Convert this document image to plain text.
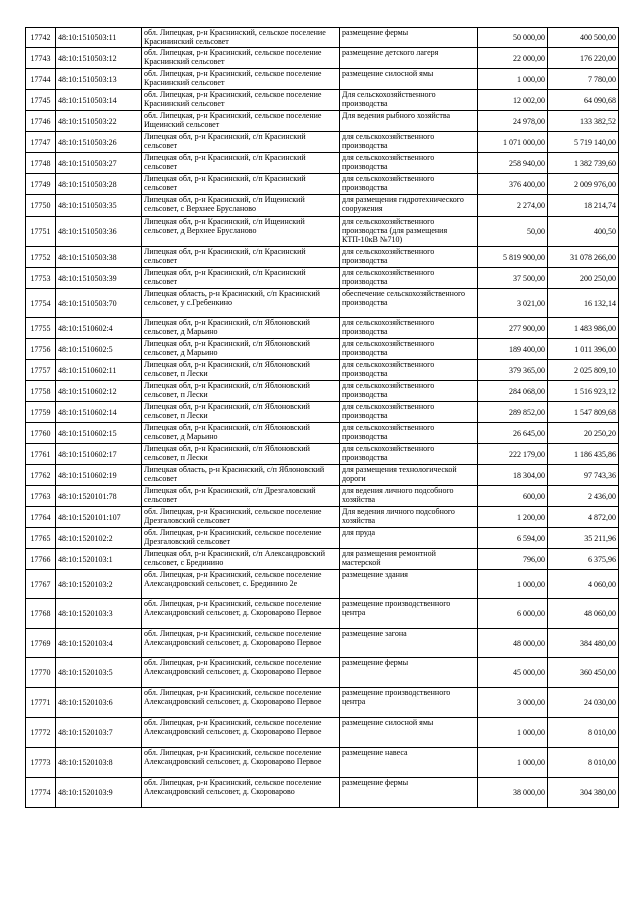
17742	48:10:1510503:11	обл. Липецкая, р-н Краснинский, сельское поселение Красининский сельсовет	размещение фермы	50 000,00	400 500,00
17743	48:10:1510503:12	обл. Липецкая, р-н Красинский, сельское поселение Краснинский сельсовет	размещение детского лагеря	22 000,00	176 220,00
17744	48:10:1510503:13	обл. Липецкая, р-н Красинский, сельское поселение Краснинский сельсовет	размещение силосной ямы	1 000,00	7 780,00
17745	48:10:1510503:14	обл. Липецкая, р-н Красинский, сельское поселение Краснинский сельсовет	Для сельскохозяйственного производства	12 002,00	64 090,68
17746	48:10:1510503:22	обл. Липецкая, р-н Красинский, сельское поселение Ищеинский сельсовет	Для ведения рыбного хозяйства	24 978,00	133 382,52
17747	48:10:1510503:26	Липецкая обл, р-н Красинский, с/п Красинский сельсовет	для сельскохозяйственного производства	1 071 000,00	5 719 140,00
17748	48:10:1510503:27	Липецкая обл, р-н Красинский, с/п Красинский сельсовет	для сельскохозяйственного производства	258 940,00	1 382 739,60
17749	48:10:1510503:28	Липецкая обл, р-н Красинский, с/п Красинский сельсовет	для сельскохозяйственного производства	376 400,00	2 009 976,00
17750	48:10:1510503:35	Липецкая обл, р-н Красинский, с/п Ищеинский сельсовет, с Верхнее Брусланово	для размещения гидротехнического сооружения	2 274,00	18 214,74
17751	48:10:1510503:36	Липецкая обл, р-н Красинский, с/п Ищеинский сельсовет, д Верхнее Брусланово	для сельскохозяйственного производства (для размещения КТП-10кВ №710)	50,00	400,50
17752	48:10:1510503:38	Липецкая обл, р-н Красинский, с/п Красинский сельсовет	для сельскохозяйственного производства	5 819 900,00	31 078 266,00
17753	48:10:1510503:39	Липецкая обл, р-н Красинский, с/п Красинский сельсовет	для сельскохозяйственного производства	37 500,00	200 250,00
17754	48:10:1510503:70	Липецкая область, р-н Красинский, с/п Красинский сельсовет, у с.Гребенкино	обеспечение сельскохозяйственного производства	3 021,00	16 132,14
17755	48:10:1510602:4	Липецкая обл, р-н Красинский, с/п Яблоновский сельсовет, д Марьино	для сельскохозяйственного производства	277 900,00	1 483 986,00
17756	48:10:1510602:5	Липецкая обл, р-н Красинский, с/п Яблоновский сельсовет, д Марьино	для сельскохозяйственного производства	189 400,00	1 011 396,00
17757	48:10:1510602:11	Липецкая обл, р-н Красинский, с/п Яблоновский сельсовет, п Лески	для сельскохозяйственного производства	379 365,00	2 025 809,10
17758	48:10:1510602:12	Липецкая обл, р-н Красинский, с/п Яблоновский сельсовет, п Лески	для сельскохозяйственного производства	284 068,00	1 516 923,12
17759	48:10:1510602:14	Липецкая обл, р-н Красинский, с/п Яблоновский сельсовет, п Лески	для сельскохозяйственного производства	289 852,00	1 547 809,68
17760	48:10:1510602:15	Липецкая обл, р-н Красинский, с/п Яблоновский сельсовет, д Марьино	для сельскохозяйственного производства	26 645,00	20 250,20
17761	48:10:1510602:17	Липецкая обл, р-н Красинский, с/п Яблоновский сельсовет, п Лески	для сельскохозяйственного производства	222 179,00	1 186 435,86
17762	48:10:1510602:19	Липецкая область, р-н Красинский, с/п Яблоновский сельсовет	для размещения технологической дороги	18 304,00	97 743,36
17763	48:10:1520101:78	Липецкая обл, р-н Красинский, с/п Дрезгаловский сельсовет	для ведения личного подсобного хозяйства	600,00	2 436,00
17764	48:10:1520101:107	обл. Липецкая, р-н Красинский, сельское поселение Дрезгаловский сельсовет	Для ведения личного подсобного хозяйства	1 200,00	4 872,00
17765	48:10:1520102:2	обл. Липецкая, р-н Красинский, сельское поселение Дрезгаловский сельсовет	для пруда	6 594,00	35 211,96
17766	48:10:1520103:1	Липецкая обл, р-н Красинский, с/п Александровский сельсовет, с Брединино	для размещения ремонтной мастерской	796,00	6 375,96
17767	48:10:1520103:2	обл. Липецкая, р-н Красинский, сельское поселение Александровский сельсовет, с. Брединино 2е	размещение здания	1 000,00	4 060,00
17768	48:10:1520103:3	обл. Липецкая, р-н Красинский, сельское поселение Александровский сельсовет, д. Скороварово Первое	размещение производственного центра	6 000,00	48 060,00
17769	48:10:1520103:4	обл. Липецкая, р-н Красинский, сельское поселение Александровский сельсовет, д. Скороварово Первое	размещение загона	48 000,00	384 480,00
17770	48:10:1520103:5	обл. Липецкая, р-н Красинский, сельское поселение Александровский сельсовет, д. Скороварово Первое	размещение фермы	45 000,00	360 450,00
17771	48:10:1520103:6	обл. Липецкая, р-н Красинский, сельское поселение Александровский сельсовет, д. Скороварово Первое	размещение производственного центра	3 000,00	24 030,00
17772	48:10:1520103:7	обл. Липецкая, р-н Красинский, сельское поселение Александровский сельсовет, д. Скороварово Первое	размещение силосной ямы	1 000,00	8 010,00
17773	48:10:1520103:8	обл. Липецкая, р-н Красинский, сельское поселение Александровский сельсовет, д. Скороварово Первое	размещение навеса	1 000,00	8 010,00
17774	48:10:1520103:9	обл. Липецкая, р-н Красинский, сельское поселение Александровский сельсовет, д. Скороварово	размещение фермы	38 000,00	304 380,00
